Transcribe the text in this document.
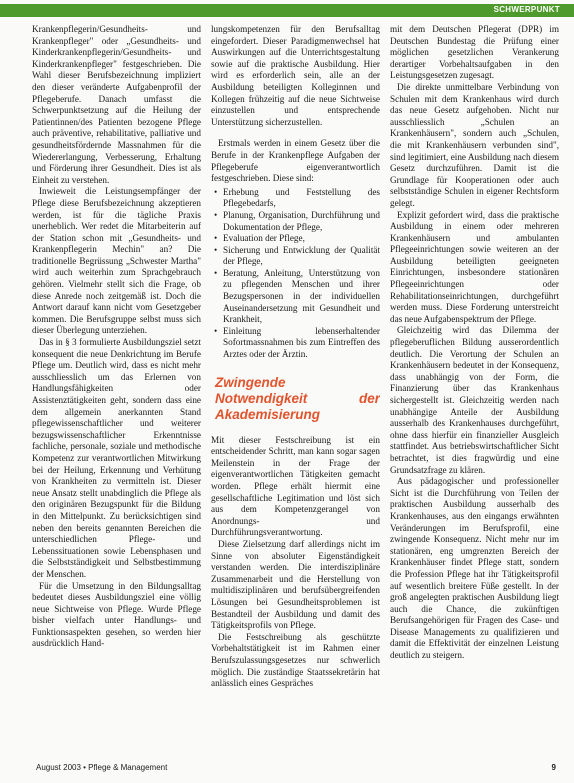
SCHWERPUNKT

Krankenpflegerin/Gesundheits- und Krankenpfleger" oder „Gesundheits- und Kinderkrankenpflegerin/Gesundheits- und Kinderkrankenpfleger" festgeschrieben. Die Wahl dieser Berufsbezeichnung impliziert den dieser veränderte Aufgabenprofil der Pflegeberufe. Danach umfasst die Schwerpunktsetzung auf die Heilung der Patientinnen/des Patienten bezogene Pflege auch präventive, rehabilitative, palliative und gesundheitsfördernde Massnahmen für die Wiedererlangung, Verbesserung, Erhaltung und Förderung ihrer Gesundheit. Dies ist als Einheit zu verstehen.

Inwieweit die Leistungsempfänger der Pflege diese Berufsbezeichnung akzeptieren werden, ist für die tägliche Praxis unerheblich. Wer redet die Mitarbeiterin auf der Station schon mit „Gesundheits- und Krankenpflegerin Mechin" an? Die traditionelle Begrüssung „Schwester Martha" wird auch weiterhin zum Sprachgebrauch gehören. Vielmehr stellt sich die Frage, ob diese Anrede noch zeitgemäß ist. Doch die Antwort darauf kann nicht vom Gesetzgeber kommen. Die Berufsgruppe selbst muss sich dieser Überlegung unterziehen.

Das in § 3 formulierte Ausbildungsziel setzt konsequent die neue Denkrichtung im Berufe Pflege um. Deutlich wird, dass es nicht mehr ausschliesslich um das Erlernen von Handlungsfähigkeiten oder Assistenztätigkeiten geht, sondern dass eine dem allgemein anerkannten Stand pflegewissenschaftlicher und weiterer bezugswissenschaftlicher Erkenntnisse fachliche, personale, soziale und methodische Kompetenz zur verantwortlichen Mitwirkung bei der Heilung, Erkennung und Verhütung von Krankheiten zu vermitteln ist. Dieser neue Ansatz stellt unabdinglich die Pflege als den originären Bezugspunkt für die Bildung in den Mittelpunkt. Zu berücksichtigen sind neben den bereits genannten Bereichen die unterschiedlichen Pflege- und Lebenssituationen sowie Lebensphasen und die Selbstständigkeit und Selbstbestimmung der Menschen.

Für die Umsetzung in den Bildungsalltag bedeutet dieses Ausbildungsziel eine völlig neue Sichtweise von Pflege. Wurde Pflege bisher vielfach unter Handlungs- und Funktionsaspekten gesehen, so werden hier ausdrücklich Hand-

lungskompetenzen für den Berufsalltag eingefordert. Dieser Paradigmenwechsel hat Auswirkungen auf die Unterrichtsgestaltung sowie auf die praktische Ausbildung. Hier wird es erforderlich sein, alle an der Ausbildung beteiligten Kolleginnen und Kollegen frühzeitig auf die neue Sichtweise einzustellen und entsprechende Unterstützung sicherzustellen.

Erstmals werden in einem Gesetz über die Berufe in der Krankenpflege Aufgaben der Pflegeberufe eigenverantwortlich festgeschrieben. Diese sind:

• Erhebung und Feststellung des Pflegebedarfs,
• Planung, Organisation, Durchführung und Dokumentation der Pflege,
• Evaluation der Pflege,
• Sicherung und Entwicklung der Qualität der Pflege,
• Beratung, Anleitung, Unterstützung von zu pflegenden Menschen und ihrer Bezugspersonen in der individuellen Auseinandersetzung mit Gesundheit und Krankheit,
• Einleitung lebenserhaltender Sofortmassnahmen bis zum Eintreffen des Arztes oder der Ärztin.
Zwingende Notwendigkeit der Akademisierung

Mit dieser Festschreibung ist ein entscheidender Schritt, man kann sogar sagen Meilenstein in der Frage der eigenverantwortlichen Tätigkeiten gemacht worden. Pflege erhält hiermit eine gesellschaftliche Legitimation und löst sich aus dem Kompetenzgerangel von Anordnungs- und Durchführungsverantwortung.

Diese Zielsetzung darf allerdings nicht im Sinne von absoluter Eigenständigkeit verstanden werden. Die interdisziplinäre Zusammenarbeit und die Herstellung von multidisziplinären und berufsübergreifenden Lösungen bei Gesundheitsproblemen ist Bestandteil der Ausbildung und damit des Tätigkeitsprofils von Pflege.

Die Festschreibung als geschützte Vorbehaltstätigkeit ist im Rahmen einer Berufszulassungsgesetzes nur schwerlich möglich. Die zuständige Staatssekretärin hat anlässlich eines Gespräches

mit dem Deutschen Pflegerat (DPR) im Deutschen Bundestag die Prüfung einer möglichen gesetzlichen Verankerung derartiger Vorbehaltsaufgaben in den Leistungsgesetzen zugesagt.

Die direkte unmittelbare Verbindung von Schulen mit dem Krankenhaus wird durch das neue Gesetz aufgehoben. Nicht nur ausschliesslich „Schulen an Krankenhäusern", sondern auch „Schulen, die mit Krankenhäusern verbunden sind", sind legitimiert, eine Ausbildung nach diesem Gesetz durchzuführen. Damit ist die Grundlage für Kooperationen oder auch selbstständige Schulen in eigener Rechtsform gelegt.

Explizit gefordert wird, dass die praktische Ausbildung in einem oder mehreren Krankenhäusern und ambulanten Pflegeeinrichtungen sowie weiteren an der Ausbildung beteiligten geeigneten Einrichtungen, insbesondere stationären Pflegeeinrichtungen oder Rehabilitationseinrichtungen, durchgeführt werden muss. Diese Forderung unterstreicht das neue Aufgabenspektrum der Pflege.

Gleichzeitig wird das Dilemma der pflegeberuflichen Bildung ausserordentlich deutlich. Die Verortung der Schulen an Krankenhäusern bedeutet in der Konsequenz, dass unabhängig von der Form, die Finanzierung über das Krankenhaus sichergestellt ist. Gleichzeitig werden nach unabhängige Anteile der Ausbildung ausserhalb des Krankenhauses durchgeführt, ohne dass hierfür ein finanzieller Ausgleich stattfindet. Aus betriebswirtschaftlicher Sicht betrachtet, ist dies fragwürdig und eine Grundsatzfrage zu klären.

Aus pädagogischer und professioneller Sicht ist die Durchführung von Teilen der praktischen Ausbildung ausserhalb des Krankenhauses, aus den eingangs erwähnten Veränderungen im Berufsprofil, eine zwingende Konsequenz. Nicht mehr nur im stationären, eng umgrenzten Bereich der Krankenhäuser findet Pflege statt, sondern die Profession Pflege hat ihr Tätigkeitsprofil auf wesentlich breitere Füße gestellt. In der groß angelegten praktischen Ausbildung liegt auch die Chance, die zukünftigen Berufsangehörigen für Fragen des Case- und Disease Managements zu qualifizieren und damit die Effektivität der einzelnen Leistung deutlich zu steigern.

August 2003 • Pflege & Management	9
